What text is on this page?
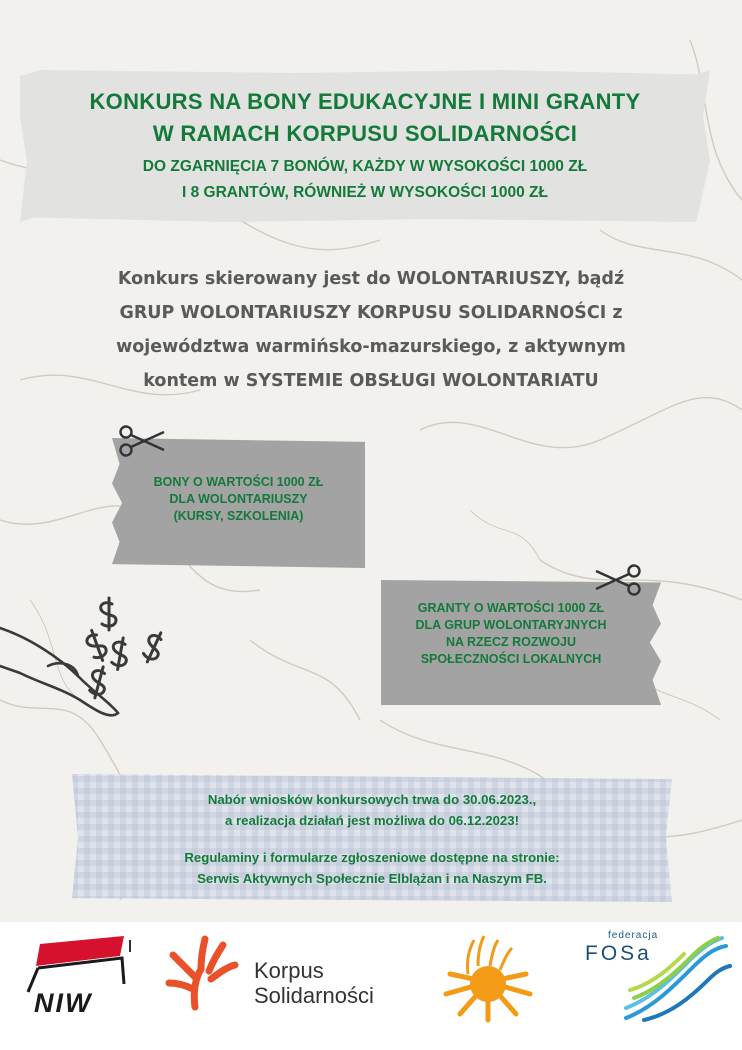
KONKURS NA BONY EDUKACYJNE I MINI GRANTY
W RAMACH KORPUSU SOLIDARNOŚCI
DO ZGARNIĘCIA 7 BONÓW, KAŻDY W WYSOKOŚCI 1000 ZŁ
I 8 GRANTÓW, RÓWNIEŻ W WYSOKOŚCI 1000 ZŁ
Konkurs skierowany jest do WOLONTARIUSZY, bądź
GRUP WOLONTARIUSZY KORPUSU SOLIDARNOŚCI z
województwa warmińsko-mazurskiego, z aktywnym
kontem w SYSTEMIE OBSŁUGI WOLONTARIATU
BONY O WARTOŚCI 1000 ZŁ
DLA WOLONTARIUSZY
(KURSY, SZKOLENIA)
GRANTY O WARTOŚCI 1000 ZŁ
DLA GRUP WOLONTARYJNYCH
NA RZECZ ROZWOJU
SPOŁECZNOŚCI LOKALNYCH
Nabór wniosków konkursowych trwa do 30.06.2023.,
a realizacja działań jest możliwa do 06.12.2023!
Regulaminy i formularze zgłoszeniowe dostępne na stronie:
Serwis Aktywnych Społecznie Elblążan i na Naszym FB.
NIW
Korpus
Solidarności
federacja
FOSa
